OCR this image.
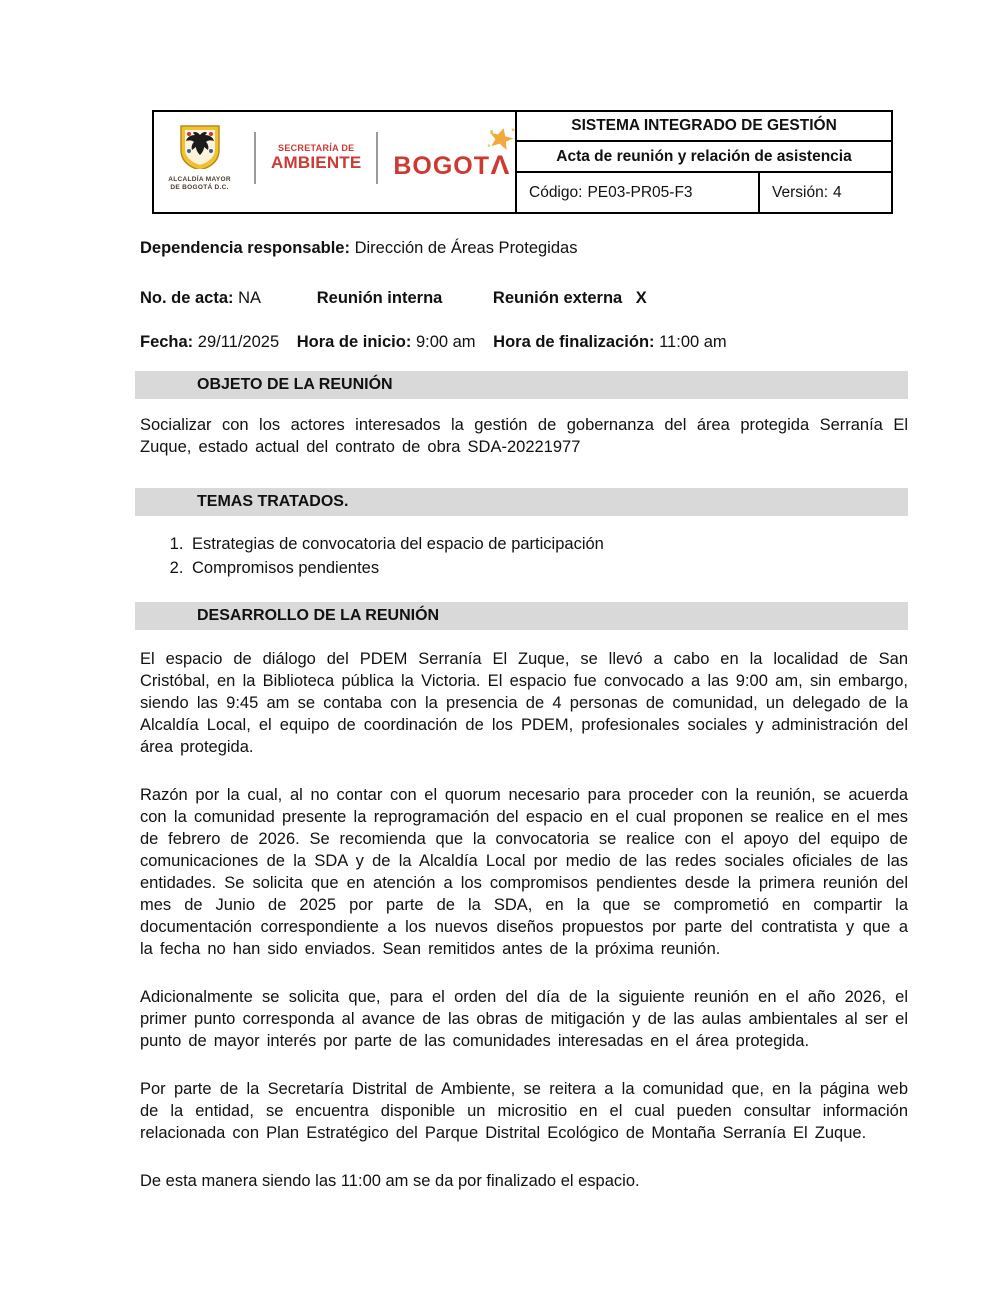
ALCALDÍA MAYOR
DE BOGOTÁ D.C.
SECRETARÍA DE
AMBIENTE BOGOT Λ
SISTEMA INTEGRADO DE GESTIÓN
Acta de reunión y relación de asistencia
Código: PE03-PR05-F3	Versión: 4
Dependencia responsable: Dirección de Áreas Protegidas
No. de acta: NA	Reunión interna	Reunión externa X
Fecha: 29/11/2025 Hora de inicio: 9:00 am Hora de finalización: 11:00 am
OBJETO DE LA REUNIÓN

Socializar con los actores interesados la gestión de gobernanza del área protegida Serranía El Zuque, estado actual del contrato de obra SDA-20221977

TEMAS TRATADOS.
1. Estrategias de convocatoria del espacio de participación
2. Compromisos pendientes
DESARROLLO DE LA REUNIÓN

El espacio de diálogo del PDEM Serranía El Zuque, se llevó a cabo en la localidad de San Cristóbal, en la Biblioteca pública la Victoria. El espacio fue convocado a las 9:00 am, sin embargo, siendo las 9:45 am se contaba con la presencia de 4 personas de comunidad, un delegado de la Alcaldía Local, el equipo de coordinación de los PDEM, profesionales sociales y administración del área protegida.

Razón por la cual, al no contar con el quorum necesario para proceder con la reunión, se acuerda con la comunidad presente la reprogramación del espacio en el cual proponen se realice en el mes de febrero de 2026. Se recomienda que la convocatoria se realice con el apoyo del equipo de comunicaciones de la SDA y de la Alcaldía Local por medio de las redes sociales oficiales de las entidades. Se solicita que en atención a los compromisos pendientes desde la primera reunión del mes de Junio de 2025 por parte de la SDA, en la que se comprometió en compartir la documentación correspondiente a los nuevos diseños propuestos por parte del contratista y que a la fecha no han sido enviados. Sean remitidos antes de la próxima reunión.

Adicionalmente se solicita que, para el orden del día de la siguiente reunión en el año 2026, el primer punto corresponda al avance de las obras de mitigación y de las aulas ambientales al ser el punto de mayor interés por parte de las comunidades interesadas en el área protegida.

Por parte de la Secretaría Distrital de Ambiente, se reitera a la comunidad que, en la página web de la entidad, se encuentra disponible un micrositio en el cual pueden consultar información relacionada con Plan Estratégico del Parque Distrital Ecológico de Montaña Serranía El Zuque.

De esta manera siendo las 11:00 am se da por finalizado el espacio.
